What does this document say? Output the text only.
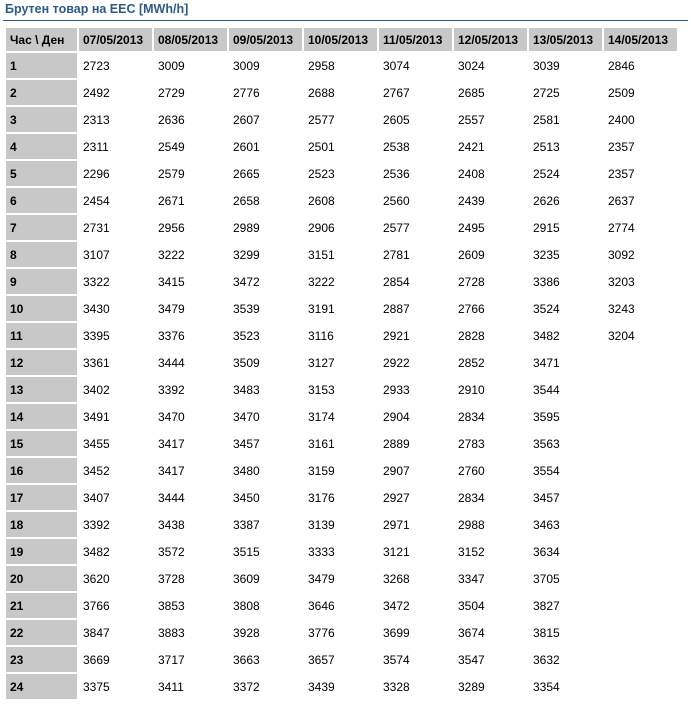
Брутен товар на ЕЕС [MWh/h]
Час \ Ден	07/05/2013	08/05/2013	09/05/2013	10/05/2013	11/05/2013	12/05/2013	13/05/2013	14/05/2013
1	2723	3009	3009	2958	3074	3024	3039	2846
2	2492	2729	2776	2688	2767	2685	2725	2509
3	2313	2636	2607	2577	2605	2557	2581	2400
4	2311	2549	2601	2501	2538	2421	2513	2357
5	2296	2579	2665	2523	2536	2408	2524	2357
6	2454	2671	2658	2608	2560	2439	2626	2637
7	2731	2956	2989	2906	2577	2495	2915	2774
8	3107	3222	3299	3151	2781	2609	3235	3092
9	3322	3415	3472	3222	2854	2728	3386	3203
10	3430	3479	3539	3191	2887	2766	3524	3243
11	3395	3376	3523	3116	2921	2828	3482	3204
12	3361	3444	3509	3127	2922	2852	3471	
13	3402	3392	3483	3153	2933	2910	3544	
14	3491	3470	3470	3174	2904	2834	3595	
15	3455	3417	3457	3161	2889	2783	3563	
16	3452	3417	3480	3159	2907	2760	3554	
17	3407	3444	3450	3176	2927	2834	3457	
18	3392	3438	3387	3139	2971	2988	3463	
19	3482	3572	3515	3333	3121	3152	3634	
20	3620	3728	3609	3479	3268	3347	3705	
21	3766	3853	3808	3646	3472	3504	3827	
22	3847	3883	3928	3776	3699	3674	3815	
23	3669	3717	3663	3657	3574	3547	3632	
24	3375	3411	3372	3439	3328	3289	3354	
